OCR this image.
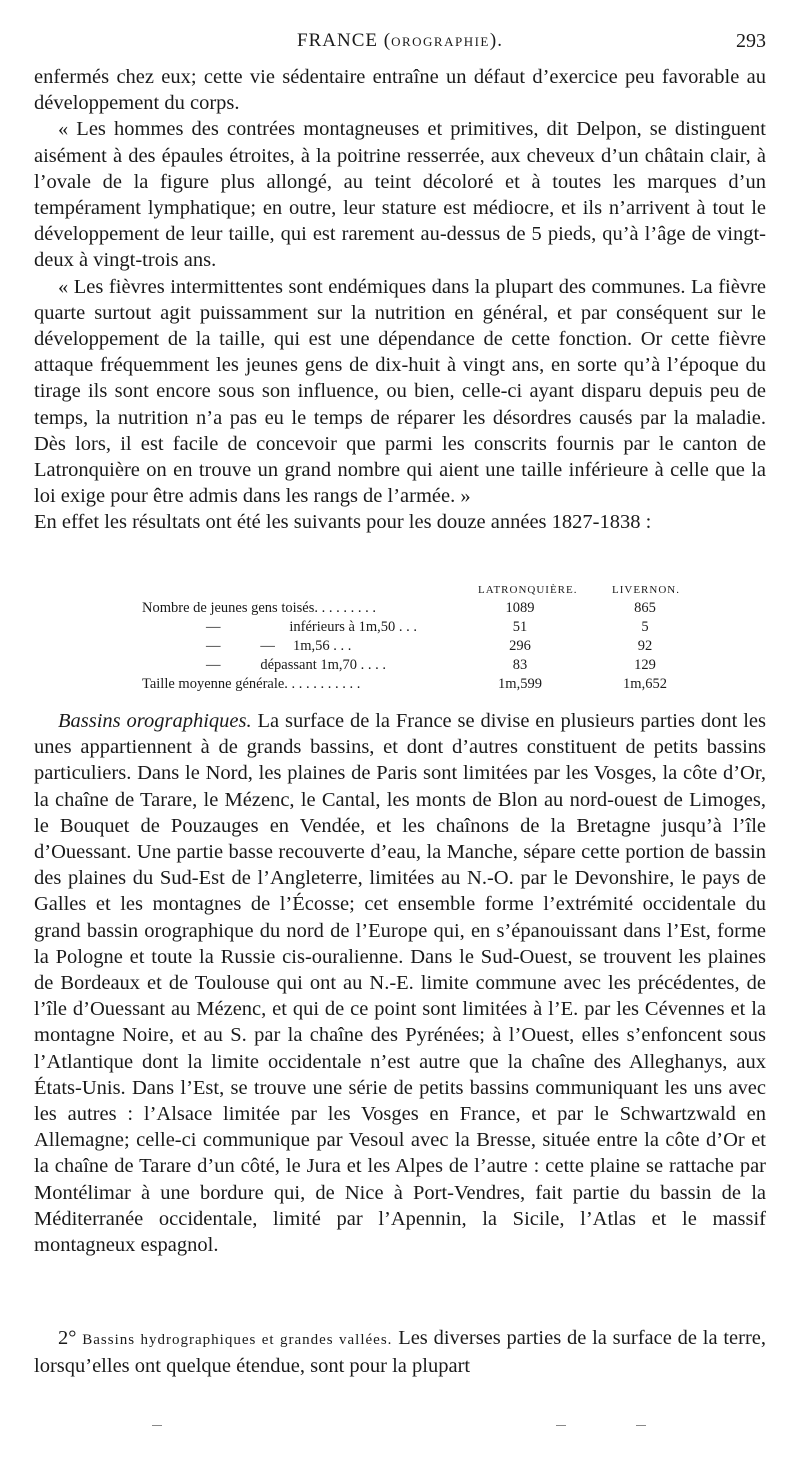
FRANCE (OROGRAPHIE).	293

enfermés chez eux; cette vie sédentaire entraîne un défaut d’exercice peu favorable au développement du corps.

« Les hommes des contrées montagneuses et primitives, dit Delpon, se distinguent aisément à des épaules étroites, à la poitrine resserrée, aux cheveux d’un châtain clair, à l’ovale de la figure plus allongé, au teint décoloré et à toutes les marques d’un tempérament lymphatique; en outre, leur stature est médiocre, et ils n’arrivent à tout le développement de leur taille, qui est rarement au-dessus de 5 pieds, qu’à l’âge de vingt-deux à vingt-trois ans.

« Les fièvres intermittentes sont endémiques dans la plupart des communes. La fièvre quarte surtout agit puissamment sur la nutrition en général, et par conséquent sur le développement de la taille, qui est une dépendance de cette fonction. Or cette fièvre attaque fréquemment les jeunes gens de dix-huit à vingt ans, en sorte qu’à l’époque du tirage ils sont encore sous son influence, ou bien, celle-ci ayant disparu depuis peu de temps, la nutrition n’a pas eu le temps de réparer les désordres causés par la maladie. Dès lors, il est facile de concevoir que parmi les conscrits fournis par le canton de Latronquière on en trouve un grand nombre qui aient une taille inférieure à celle que la loi exige pour être admis dans les rangs de l’armée. »

En effet les résultats ont été les suivants pour les douze années 1827-1838 :

LATRONQUIÈRE.	LIVERNON.
Nombre de jeunes gens toisés. . . . . . . . .	1089	865
—                   inférieurs à 1m,50 . . .	51	5
—           —     1m,56 . . .	296	92
—           dépassant 1m,70 . . . .	83	129
Taille moyenne générale. . . . . . . . . . .	1m,599	1m,652

Bassins orographiques. La surface de la France se divise en plusieurs parties dont les unes appartiennent à de grands bassins, et dont d’autres constituent de petits bassins particuliers. Dans le Nord, les plaines de Paris sont limitées par les Vosges, la côte d’Or, la chaîne de Tarare, le Mézenc, le Cantal, les monts de Blon au nord-ouest de Limoges, le Bouquet de Pouzauges en Vendée, et les chaînons de la Bretagne jusqu’à l’île d’Ouessant. Une partie basse recouverte d’eau, la Manche, sépare cette portion de bassin des plaines du Sud-Est de l’Angleterre, limitées au N.-O. par le Devonshire, le pays de Galles et les montagnes de l’Écosse; cet ensemble forme l’extrémité occidentale du grand bassin orographique du nord de l’Europe qui, en s’épanouissant dans l’Est, forme la Pologne et toute la Russie cis-ouralienne. Dans le Sud-Ouest, se trouvent les plaines de Bordeaux et de Toulouse qui ont au N.-E. limite commune avec les précédentes, de l’île d’Ouessant au Mézenc, et qui de ce point sont limitées à l’E. par les Cévennes et la montagne Noire, et au S. par la chaîne des Pyrénées; à l’Ouest, elles s’enfoncent sous l’Atlantique dont la limite occidentale n’est autre que la chaîne des Alleghanys, aux États-Unis. Dans l’Est, se trouve une série de petits bassins communiquant les uns avec les autres : l’Alsace limitée par les Vosges en France, et par le Schwartzwald en Allemagne; celle-ci communique par Vesoul avec la Bresse, située entre la côte d’Or et la chaîne de Tarare d’un côté, le Jura et les Alpes de l’autre : cette plaine se rattache par Montélimar à une bordure qui, de Nice à Port-Vendres, fait partie du bassin de la Méditerranée occidentale, limité par l’Apennin, la Sicile, l’Atlas et le massif montagneux espagnol.

2° Bassins hydrographiques et grandes vallées. Les diverses parties de la surface de la terre, lorsqu’elles ont quelque étendue, sont pour la plupart
